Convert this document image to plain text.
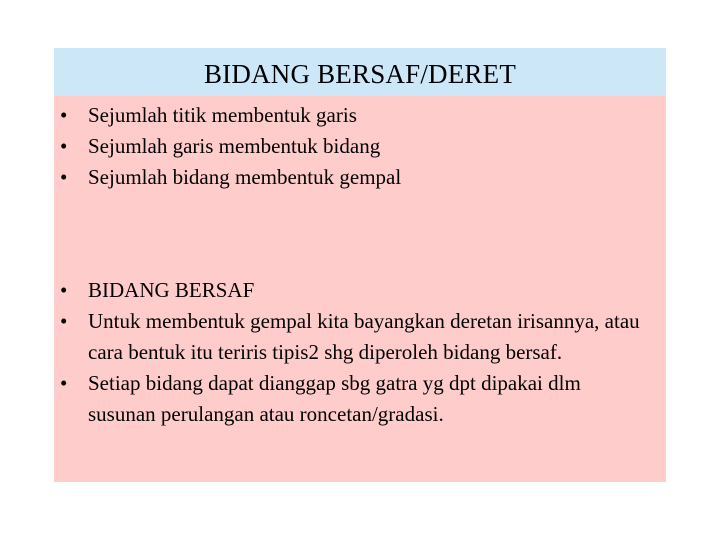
BIDANG BERSAF/DERET
• Sejumlah titik membentuk garis
• Sejumlah garis membentuk bidang
• Sejumlah bidang membentuk gempal
• BIDANG BERSAF
• Untuk membentuk gempal kita bayangkan deretan irisannya, atau cara bentuk itu teriris tipis2 shg diperoleh bidang bersaf.
• Setiap bidang dapat dianggap sbg gatra yg dpt dipakai dlm susunan perulangan atau roncetan/gradasi.
